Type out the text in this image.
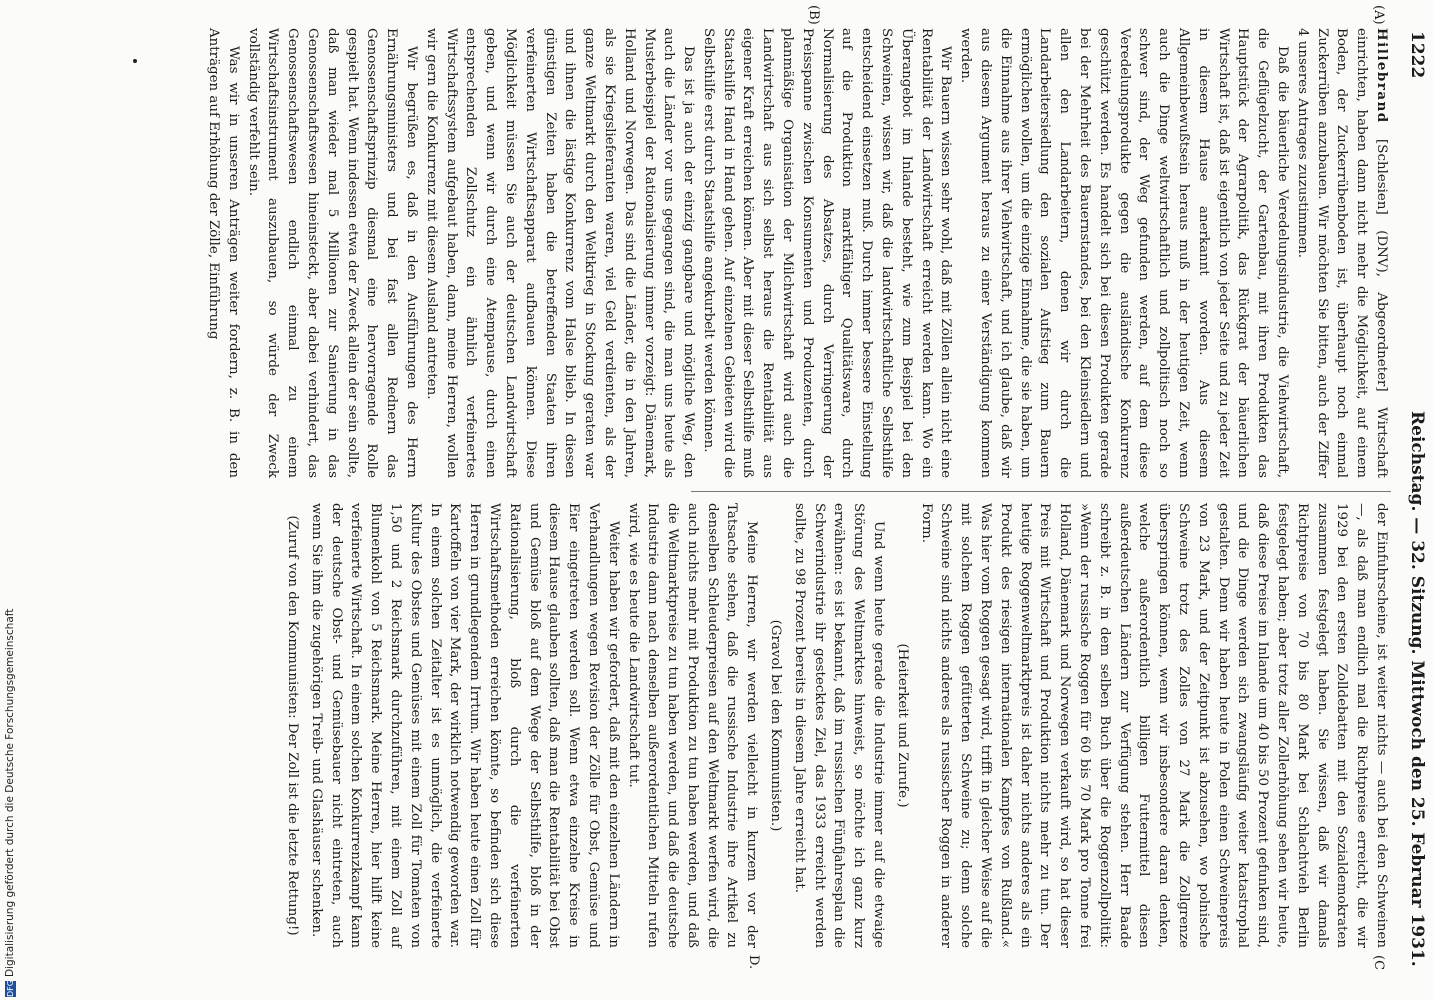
1222
Reichstag. — 32. Sitzung. Mittwoch den 25. Februar 1931.
(A)
(B)
(C
D.

Hillebrand [Schlesien] (DNV), Abgeordneter] Wirtschaft einrichten, haben dann nicht mehr die Möglichkeit, auf einem Boden, der Zuckerrübenboden ist, überhaupt noch einmal Zuckerrüben anzubauen. Wir möchten Sie bitten, auch der Ziffer 4 unseres Antrages zuzustimmen.

Daß die bäuerliche Veredelungsindustrie, die Viehwirtschaft, die Geflügelzucht, der Gartenbau, mit ihren Produkten das Hauptstück der Agrarpolitik, das Rückgrat der bäuerlichen Wirtschaft ist, daß ist eigentlich von jeder Seite und zu jeder Zeit in diesem Hause anerkannt worden. Aus diesem Allgemeinbewußtsein heraus muß in der heutigen Zeit, wenn auch die Dinge weltwirtschaftlich und zollpolitisch noch so schwer sind, der Weg gefunden werden, auf dem diese Veredelungsprodukte gegen die ausländische Konkurrenz geschützt werden. Es handelt sich bei diesen Produkten gerade bei der Mehrheit des Bauernstandes, bei den Kleinsiedlern und allen den Landarbeitern, denen wir durch die Landarbeitersiedlung den sozialen Aufstieg zum Bauern ermöglichen wollen, um die einzige Einnahme, die sie haben, um die Einnahme aus ihrer Viehwirtschaft, und ich glaube, daß wir aus diesem Argument heraus zu einer Verständigung kommen werden.

Wir Bauern wissen sehr wohl, daß mit Zöllen allein nicht eine Rentabilität der Landwirtschaft erreicht werden kann. Wo ein Überangebot im Inlande besteht, wie zum Beispiel bei den Schweinen, wissen wir, daß die landwirtschaftliche Selbsthilfe entscheidend einsetzen muß. Durch immer bessere Einstellung auf die Produktion marktfähiger Qualitätsware, durch Normalisierung des Absatzes, durch Verringerung der Preisspanne zwischen Konsumenten und Produzenten, durch planmäßige Organisation der Milchwirtschaft wird auch die Landwirtschaft aus sich selbst heraus die Rentabilität aus eigener Kraft erreichen können. Aber mit dieser Selbsthilfe muß Staatshilfe Hand in Hand gehen. Auf einzelnen Gebieten wird die Selbsthilfe erst durch Staatshilfe angekurbelt werden können.

Das ist ja auch der einzig gangbare und mögliche Weg, den auch die Länder vor uns gegangen sind, die man uns heute als Musterbeispiel der Rationalisierung immer vorzeigt: Dänemark, Holland und Norwegen. Das sind die Länder, die in den Jahren, als sie Kriegslieferanten waren, viel Geld verdienten, als der ganze Weltmarkt durch den Weltkrieg in Stockung geraten war und ihnen die lästige Konkurrenz vom Halse blieb. In diesen günstigen Zeiten haben die betreffenden Staaten ihren verfeinerten Wirtschaftsapparat aufbauen können. Diese Möglichkeit müssen Sie auch der deutschen Landwirtschaft geben, und wenn wir durch eine Atempause, durch einen entsprechenden Zollschutz ein ähnlich verfeinertes Wirtschaftssystem aufgebaut haben, dann, meine Herren, wollen wir gern die Konkurrenz mit diesem Ausland antreten.

Wir begrüßen es, daß in den Ausführungen des Herrn Ernährungsministers und bei fast allen Rednern das Genossenschaftsprinzip diesmal eine hervorragende Rolle gespielt hat. Wenn indessen etwa der Zweck allein der sein sollte, daß man wieder mal 5 Millionen zur Sanierung in das Genossenschaftswesen hineinsteckt, aber dabei verhindert, das Genossenschaftswesen endlich einmal zu einem Wirtschaftsinstrument auszubauen, so würde der Zweck vollständig verfehlt sein.

Was wir in unseren Anträgen weiter fordern, z. B. in den Anträgen auf Erhöhung der Zölle, Einführung

der Einfuhrscheine, ist weiter nichts — auch bei den Schweinen —, als daß man endlich mal die Richtpreise erreicht, die wir 1929 bei den ersten Zolldebatten mit den Sozialdemokraten zusammen festgelegt haben. Sie wissen, daß wir damals Richtpreise von 70 bis 80 Mark bei Schlachtvieh Berlin festgelegt haben; aber trotz aller Zollerhöhung sehen wir heute, daß diese Preise im Inlande um 40 bis 50 Prozent gefunken sind, und die Dinge werden sich zwangsläufig weiter katastrophal gestalten. Denn wir haben heute in Polen einen Schweinepreis von 23 Mark, und der Zeitpunkt ist abzusehen, wo polnische Schweine trotz des Zolles von 27 Mark die Zollgrenze überspringen können, wenn wir insbesondere daran denken, welche außerordentlich billigen Futtermittel diesen außerdeutschen Ländern zur Verfügung stehen. Herr Baade schreibt z. B. in dem selben Buch über die Roggenzollpolitik: »Wenn der russische Roggen für 60 bis 70 Mark pro Tonne frei Holland, Dänemark und Norwegen verkauft wird, so hat dieser Preis mit Wirtschaft und Produktion nichts mehr zu tun. Der heutige Roggenweltmarktpreis ist daher nichts anderes als ein Produkt des riesigen internationalen Kampfes von Rußland.« Was hier vom Roggen gesagt wird, trifft in gleicher Weise auf die mit solchem Roggen gefütterten Schweine zu; denn solche Schweine sind nichts anderes als russischer Roggen in anderer Form.

(Heiterkeit und Zurufe.)

Und wenn heute gerade die Industrie immer auf die etwaige Störung des Weltmarktes hinweist, so möchte ich ganz kurz erwähnen: es ist bekannt, daß im russischen Fünfjahresplan die Schwerindustrie ihr gestecktes Ziel, das 1933 erreicht werden sollte, zu 98 Prozent bereits in diesem Jahre erreicht hat.

(Gravol bei den Kommunisten.)

Meine Herren, wir werden vielleicht in kurzem vor der Tatsache stehen, daß die russische Industrie ihre Artikel zu denselben Schleuderpreisen auf den Weltmarkt werfen wird, die auch nichts mehr mit Produktion zu tun haben werden, und daß die Weltmarktpreise zu tun haben werden, und daß die deutsche Industrie dann nach denselben außerordentlichen Mitteln rufen wird, wie es heute die Landwirtschaft tut.

Weiter haben wir gefordert, daß mit den einzelnen Ländern in Verhandlungen wegen Revision der Zölle für Obst, Gemüse und Eier eingetreten werden soll. Wenn etwa einzelne Kreise in diesem Hause glauben sollten, daß man die Rentabilität bei Obst und Gemüse bloß auf dem Wege der Selbsthilfe, bloß in der Rationalisierung, bloß durch die verfeinerten Wirtschaftsmethoden erreichen könnte, so befinden sich diese Herren in grundlegendem Irrtum. Wir haben heute einen Zoll für Kartoffeln von vier Mark, der wirklich notwendig geworden war. In einem solchen Zeitalter ist es unmöglich, die verfeinerte Kultur des Obstes und Gemüses mit einem Zoll für Tomaten von 1,50 und 2 Reichsmark durchzuführen, mit einem Zoll auf Blumenkohl von 5 Reichsmark. Meine Herren, hier hilft keine verfeinerte Wirtschaft. In einem solchen Konkurrenzkampf kann der deutsche Obst- und Gemüsebauer nicht eintreten, auch wenn Sie ihm die zugehörigen Treib- und Glashäuser schenken.

(Zuruf von den Kommunisten: Der Zoll ist die letzte Rettung!)

DFGDigitalisierung gefördert durch die Deutsche Forschungsgemeinschaft
